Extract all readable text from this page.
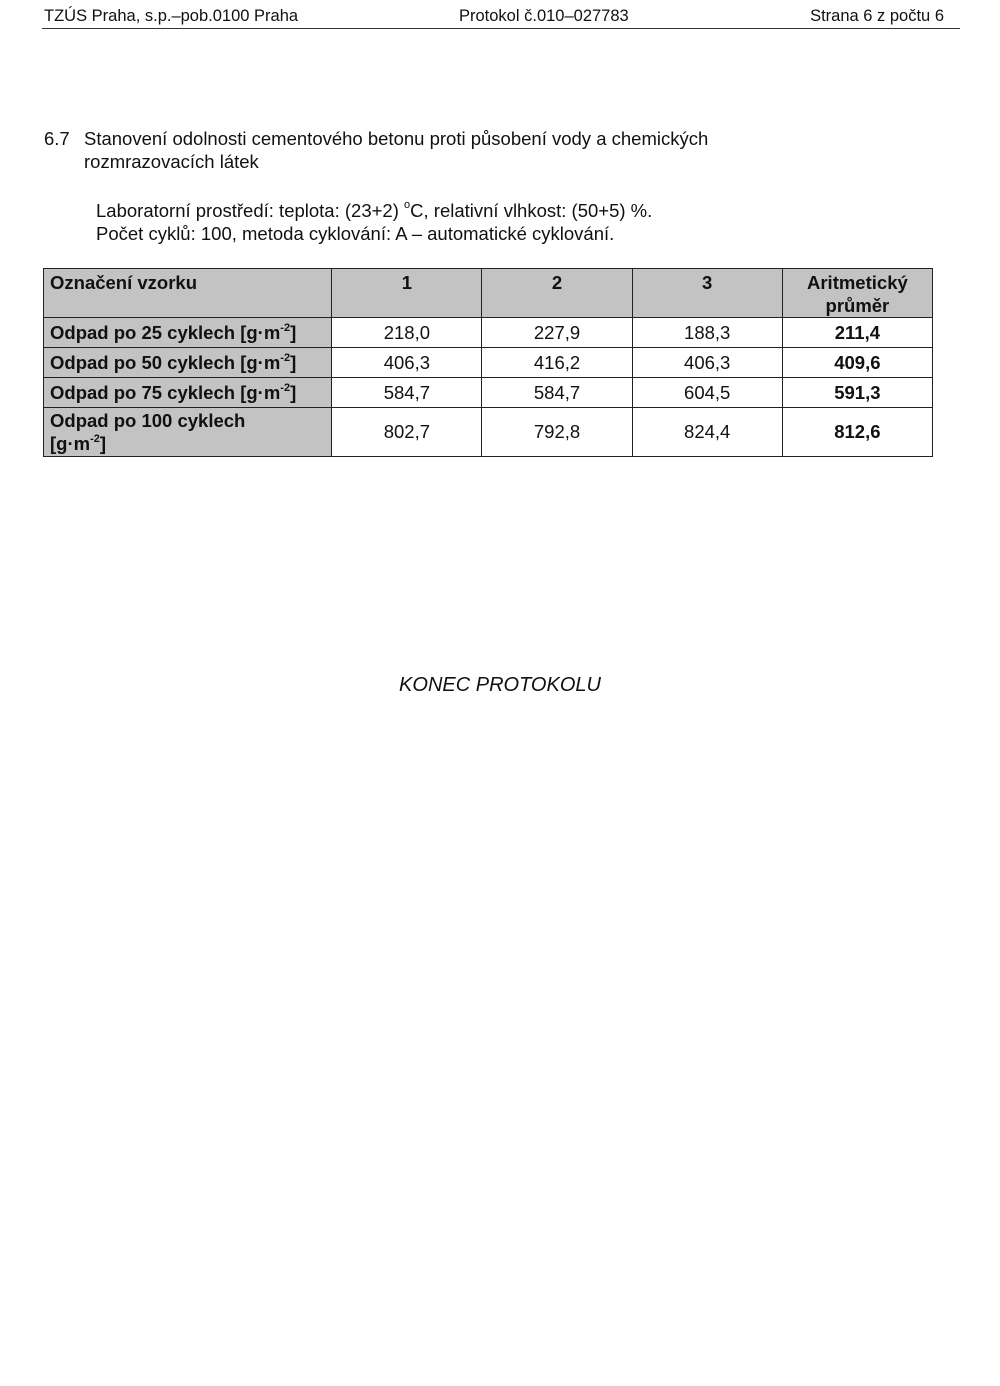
TZÚS Praha, s.p.–pob.0100 Praha	Protokol č.010–027783	Strana 6 z počtu 6
6.7 Stanovení odolnosti cementového betonu proti působení vody a chemických rozmrazovacích látek
Laboratorní prostředí: teplota: (23+2) $^o$C, relativní vlhkost: (50+5) %.
Počet cyklů: 100, metoda cyklování: A – automatické cyklování.
Označení vzorku	1	2	3	Aritmetický průměr
Odpad po 25 cyklech $[g\cdot m^{-2}]$	218,0	227,9	188,3	211,4
Odpad po 50 cyklech $[g\cdot m^{-2}]$	406,3	416,2	406,3	409,6
Odpad po 75 cyklech $[g\cdot m^{-2}]$	584,7	584,7	604,5	591,3
Odpad po 100 cyklech
$[g\cdot m^{-2}]$	802,7	792,8	824,4	812,6
KONEC PROTOKOLU
